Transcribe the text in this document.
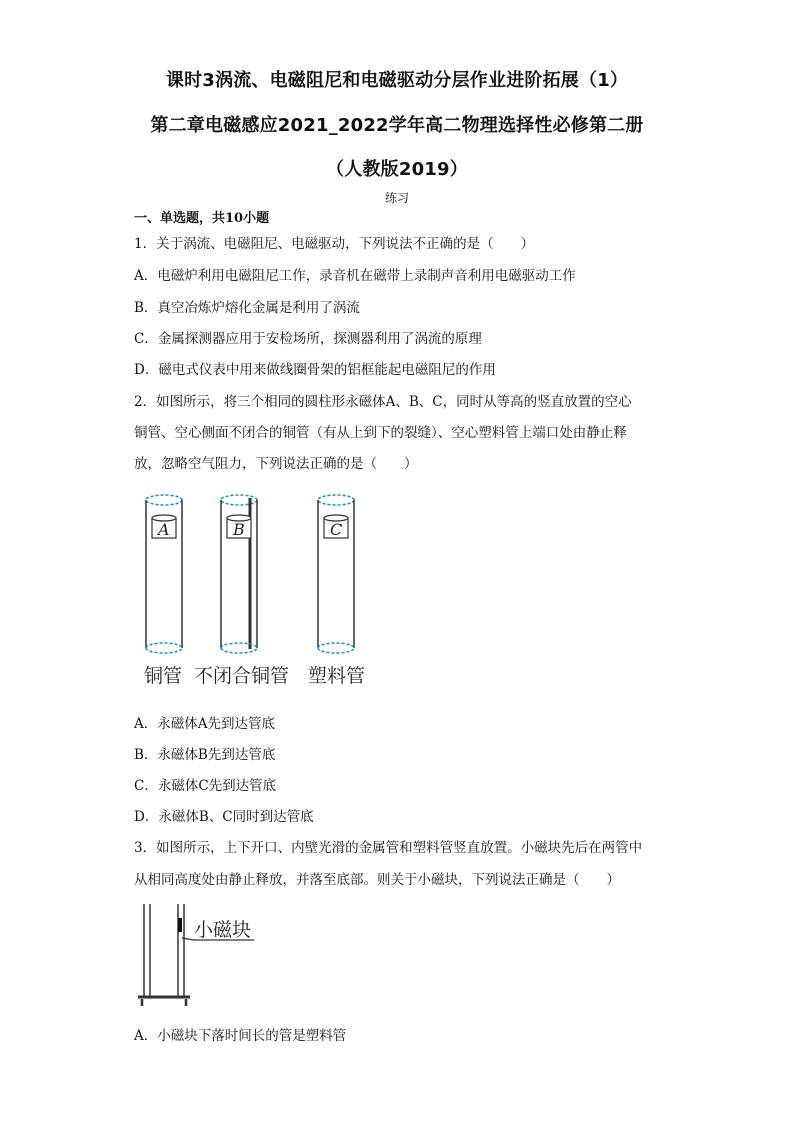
课时3涡流、电磁阻尼和电磁驱动分层作业进阶拓展（1）
第二章电磁感应2021_2022学年高二物理选择性必修第二册
（人教版2019）
练习
一、单选题，共10小题
1．关于涡流、电磁阻尼、电磁驱动，下列说法不正确的是（　　）
A．电磁炉利用电磁阻尼工作，录音机在磁带上录制声音利用电磁驱动工作
B．真空冶炼炉熔化金属是利用了涡流
C．金属探测器应用于安检场所，探测器利用了涡流的原理
D．磁电式仪表中用来做线圈骨架的铝框能起电磁阻尼的作用
2．如图所示，将三个相同的圆柱形永磁体A、B、C，同时从等高的竖直放置的空心
铜管、空心侧面不闭合的铜管（有从上到下的裂缝）、空心塑料管上端口处由静止释
放，忽略空气阻力，下列说法正确的是（　　）
A	B	C
铜管 不闭合铜管 塑料管
A．永磁体A先到达管底
B．永磁体B先到达管底
C．永磁体C先到达管底
D．永磁体B、C同时到达管底
3．如图所示，上下开口、内壁光滑的金属管和塑料管竖直放置。小磁块先后在两管中
从相同高度处由静止释放，并落至底部。则关于小磁块，下列说法正确是（　　）
小磁块
A．小磁块下落时间长的管是塑料管
